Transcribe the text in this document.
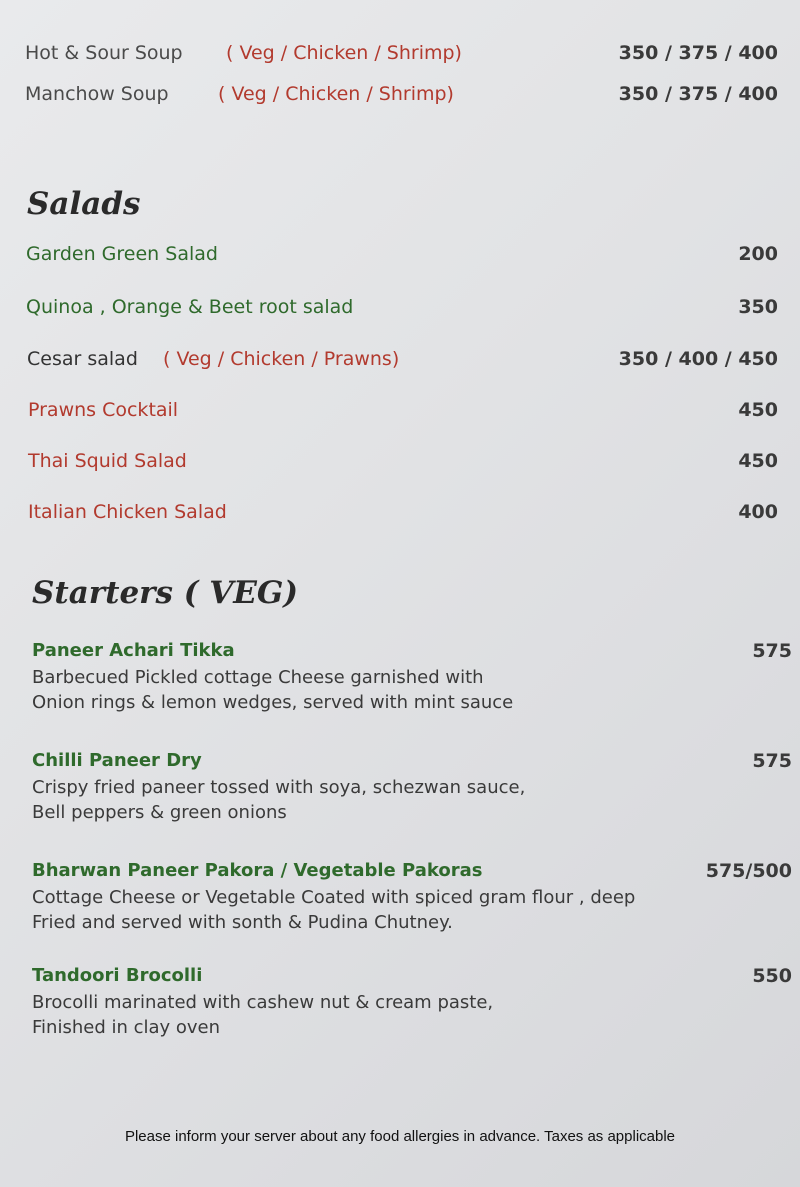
Hot & Sour Soup ( Veg / Chicken / Shrimp)	350 / 375 / 400
Manchow Soup	( Veg / Chicken / Shrimp)	350 / 375 / 400
Salads
Garden Green Salad	200
Quinoa , Orange & Beet root salad	350
Cesar salad ( Veg / Chicken / Prawns)	350 / 400 / 450
Prawns Cocktail	450
Thai Squid Salad	450
Italian Chicken Salad	400
Starters ( VEG)
Paneer Achari Tikka	575
Barbecued Pickled cottage Cheese garnished with
Onion rings & lemon wedges, served with mint sauce
Chilli Paneer Dry	575
Crispy fried paneer tossed with soya, schezwan sauce,
Bell peppers & green onions
Bharwan Paneer Pakora / Vegetable Pakoras	575/500
Cottage Cheese or Vegetable Coated with spiced gram flour , deep
Fried and served with sonth & Pudina Chutney.
Tandoori Brocolli	550
Brocolli marinated with cashew nut & cream paste,
Finished in clay oven
Please inform your server about any food allergies in advance. Taxes as applicable
